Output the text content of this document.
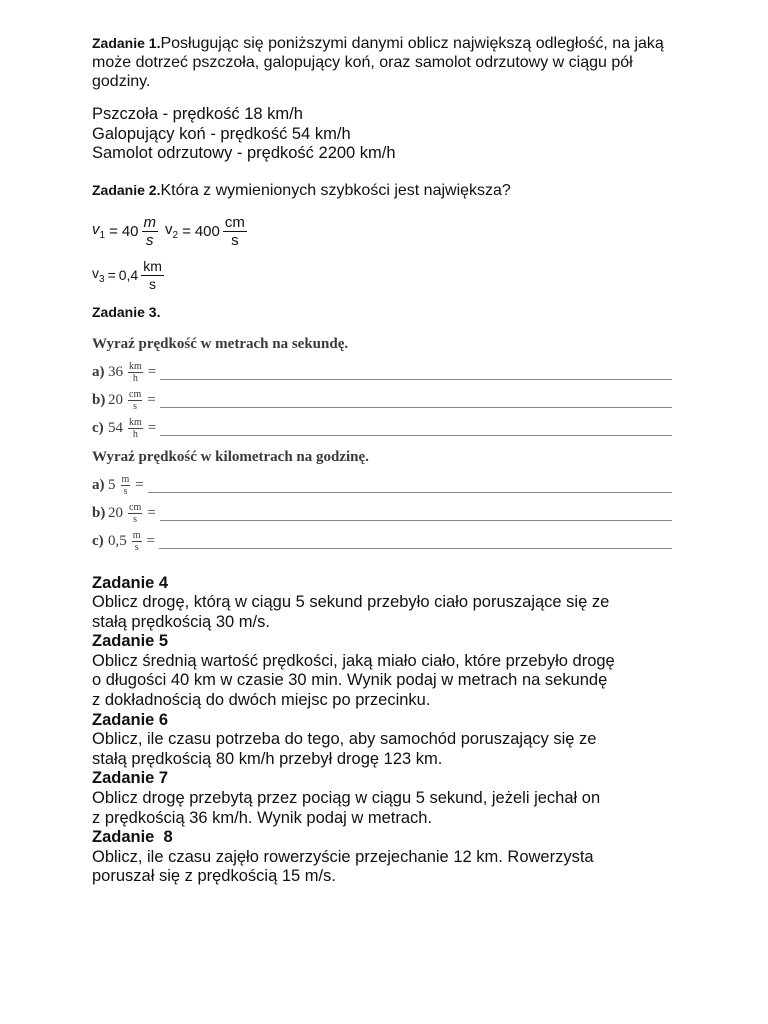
Zadanie 1.Posługując się poniższymi danymi oblicz największą odległość, na jaką może dotrzeć pszczoła, galopujący koń, oraz samolot odrzutowy w ciągu pół godziny.
Pszczoła - prędkość 18 km/h
Galopujący koń - prędkość 54 km/h
Samolot odrzutowy - prędkość 2200 km/h
Zadanie 2.Która z wymienionych szybkości jest największa?
$v_1 = 40 \frac{m}{s} v_2 = 400 \frac{cm}{s}$
$v_3 = 0,4 \frac{km}{s}$
Zadanie 3.
Wyraź prędkość w metrach na sekundę.
a) $36 \frac{km}{h}$ =
b) $20 \frac{cm}{s}$ =
c) $54 \frac{km}{h}$ =
Wyraź prędkość w kilometrach na godzinę.
a) $5 \frac{m}{s}$ =
b) $20 \frac{cm}{s}$ =
c) $0,5 \frac{m}{s}$ =
Zadanie 4
Oblicz drogę, którą w ciągu 5 sekund przebyło ciało poruszające się ze
stałą prędkością 30 m/s.
Zadanie 5
Oblicz średnią wartość prędkości, jaką miało ciało, które przebyło drogę
o długości 40 km w czasie 30 min. Wynik podaj w metrach na sekundę
z dokładnością do dwóch miejsc po przecinku.
Zadanie 6
Oblicz, ile czasu potrzeba do tego, aby samochód poruszający się ze
stałą prędkością 80 km/h przebył drogę 123 km.
Zadanie 7
Oblicz drogę przebytą przez pociąg w ciągu 5 sekund, jeżeli jechał on
z prędkością 36 km/h. Wynik podaj w metrach.
Zadanie  8
Oblicz, ile czasu zajęło rowerzyście przejechanie 12 km. Rowerzysta
poruszał się z prędkością 15 m/s.
